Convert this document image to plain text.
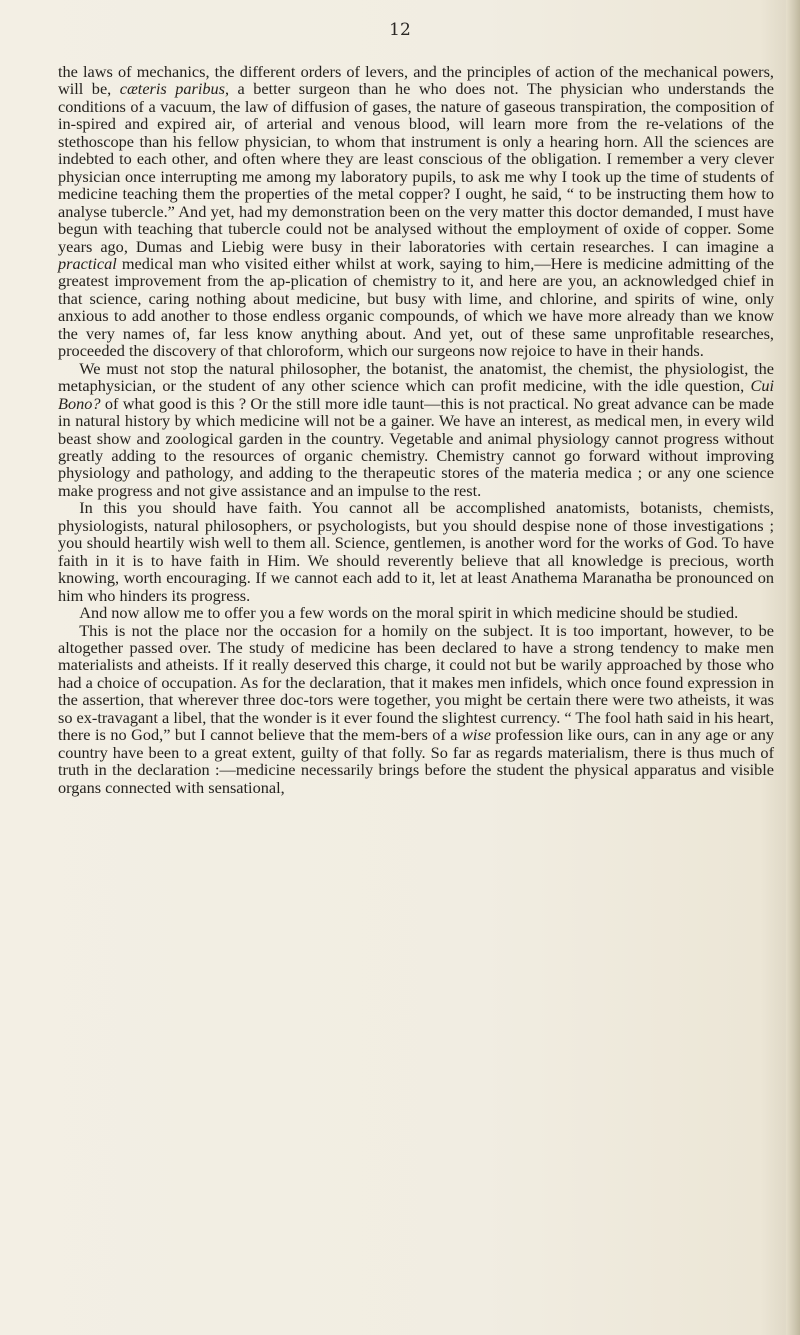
12

the laws of mechanics, the different orders of levers, and the principles of action of the mechanical powers, will be, cæteris paribus, a better surgeon than he who does not. The physician who understands the conditions of a vacuum, the law of diffusion of gases, the nature of gaseous transpiration, the composition of in-spired and expired air, of arterial and venous blood, will learn more from the re-velations of the stethoscope than his fellow physician, to whom that instrument is only a hearing horn. All the sciences are indebted to each other, and often where they are least conscious of the obligation. I remember a very clever physician once interrupting me among my laboratory pupils, to ask me why I took up the time of students of medicine teaching them the properties of the metal copper? I ought, he said, “ to be instructing them how to analyse tubercle.” And yet, had my demonstration been on the very matter this doctor demanded, I must have begun with teaching that tubercle could not be analysed without the employment of oxide of copper. Some years ago, Dumas and Liebig were busy in their laboratories with certain researches. I can imagine a practical medical man who visited either whilst at work, saying to him,—Here is medicine admitting of the greatest improvement from the ap-plication of chemistry to it, and here are you, an acknowledged chief in that science, caring nothing about medicine, but busy with lime, and chlorine, and spirits of wine, only anxious to add another to those endless organic compounds, of which we have more already than we know the very names of, far less know anything about. And yet, out of these same unprofitable researches, proceeded the discovery of that chloroform, which our surgeons now rejoice to have in their hands.

We must not stop the natural philosopher, the botanist, the anatomist, the chemist, the physiologist, the metaphysician, or the student of any other science which can profit medicine, with the idle question, Cui Bono? of what good is this ? Or the still more idle taunt—this is not practical. No great advance can be made in natural history by which medicine will not be a gainer. We have an interest, as medical men, in every wild beast show and zoological garden in the country. Vegetable and animal physiology cannot progress without greatly adding to the resources of organic chemistry. Chemistry cannot go forward without improving physiology and pathology, and adding to the therapeutic stores of the materia medica ; or any one science make progress and not give assistance and an impulse to the rest.

In this you should have faith. You cannot all be accomplished anatomists, botanists, chemists, physiologists, natural philosophers, or psychologists, but you should despise none of those investigations ; you should heartily wish well to them all. Science, gentlemen, is another word for the works of God. To have faith in it is to have faith in Him. We should reverently believe that all knowledge is precious, worth knowing, worth encouraging. If we cannot each add to it, let at least Anathema Maranatha be pronounced on him who hinders its progress.

And now allow me to offer you a few words on the moral spirit in which medicine should be studied.

This is not the place nor the occasion for a homily on the subject. It is too important, however, to be altogether passed over. The study of medicine has been declared to have a strong tendency to make men materialists and atheists. If it really deserved this charge, it could not but be warily approached by those who had a choice of occupation. As for the declaration, that it makes men infidels, which once found expression in the assertion, that wherever three doc-tors were together, you might be certain there were two atheists, it was so ex-travagant a libel, that the wonder is it ever found the slightest currency. “ The fool hath said in his heart, there is no God,” but I cannot believe that the mem-bers of a wise profession like ours, can in any age or any country have been to a great extent, guilty of that folly. So far as regards materialism, there is thus much of truth in the declaration :—medicine necessarily brings before the student the physical apparatus and visible organs connected with sensational,
